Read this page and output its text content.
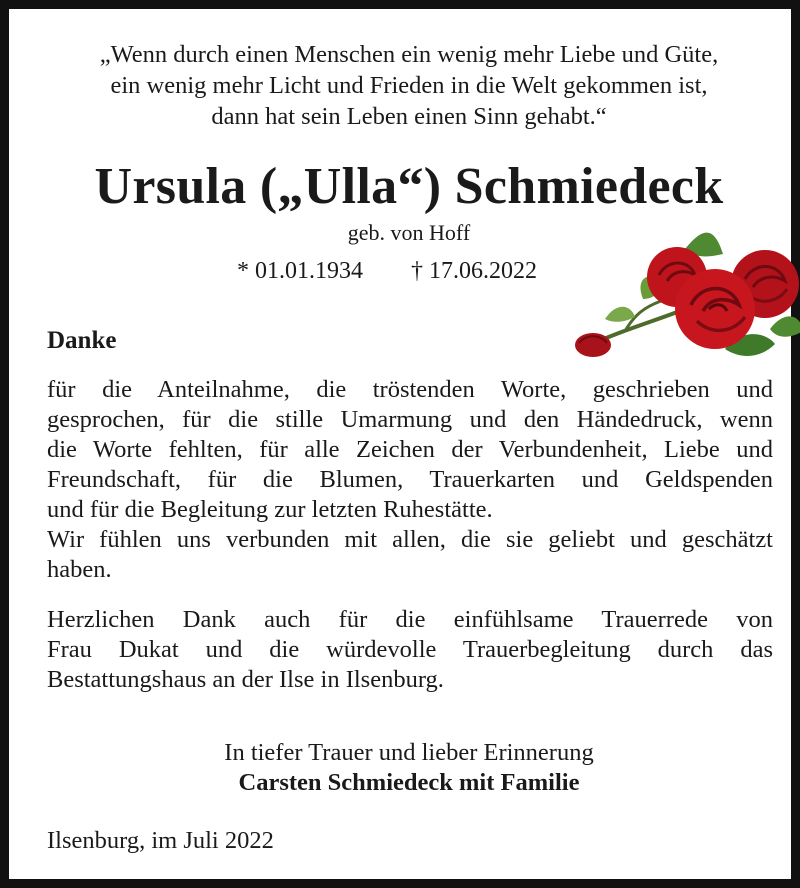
„Wenn durch einen Menschen ein wenig mehr Liebe und Güte,
ein wenig mehr Licht und Frieden in die Welt gekommen ist,
dann hat sein Leben einen Sinn gehabt.“
Ursula („Ulla“) Schmiedeck
geb. von Hoff
* 01.01.1934 † 17.06.2022
Danke
für die Anteilnahme, die tröstenden Worte, geschrieben und
gesprochen, für die stille Umarmung und den Händedruck, wenn
die Worte fehlten, für alle Zeichen der Verbundenheit, Liebe und
Freundschaft, für die Blumen, Trauerkarten und Geldspenden
und für die Begleitung zur letzten Ruhestätte.
Wir fühlen uns verbunden mit allen, die sie geliebt und geschätzt
haben.
Herzlichen Dank auch für die einfühlsame Trauerrede von
Frau Dukat und die würdevolle Trauerbegleitung durch das
Bestattungshaus an der Ilse in Ilsenburg.
In tiefer Trauer und lieber Erinnerung
Carsten Schmiedeck mit Familie
Ilsenburg, im Juli 2022
